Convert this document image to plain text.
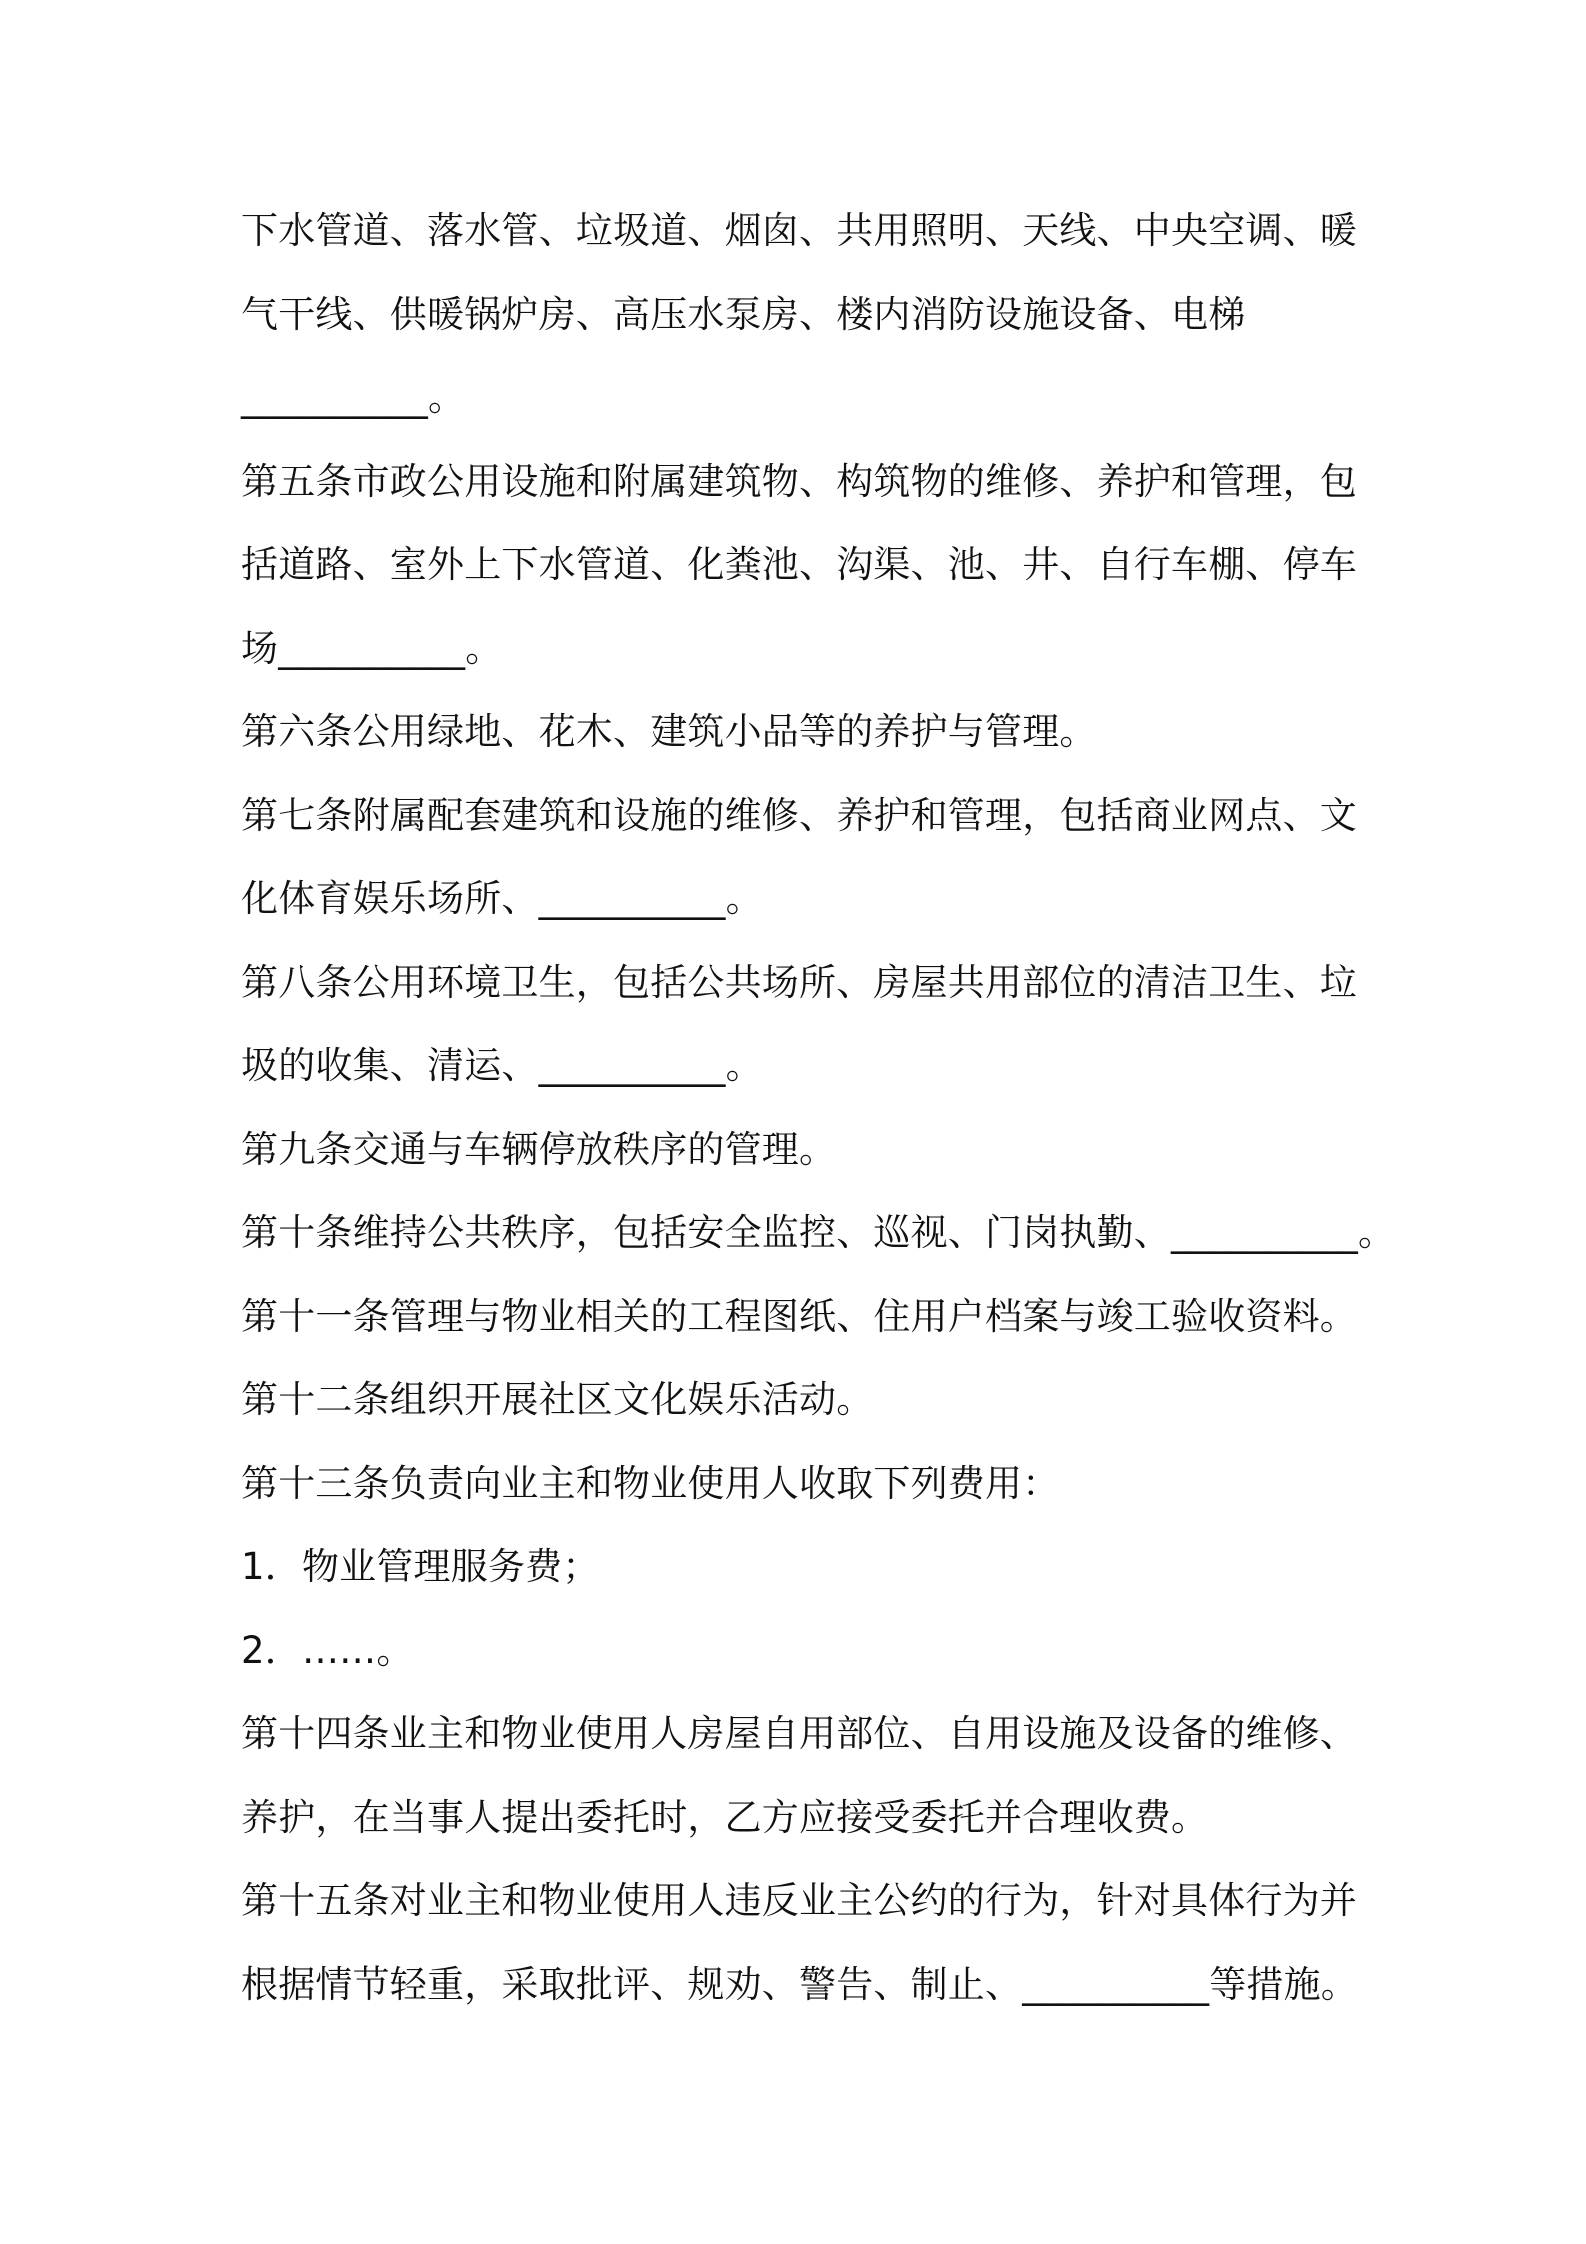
下水管道、落水管、垃圾道、烟囱、共用照明、天线、中央空调、暖
气干线、供暖锅炉房、高压水泵房、楼内消防设施设备、电梯
__________。
第五条市政公用设施和附属建筑物、构筑物的维修、养护和管理，包
括道路、室外上下水管道、化粪池、沟渠、池、井、自行车棚、停车
场__________。
第六条公用绿地、花木、建筑小品等的养护与管理。
第七条附属配套建筑和设施的维修、养护和管理，包括商业网点、文
化体育娱乐场所、__________。
第八条公用环境卫生，包括公共场所、房屋共用部位的清洁卫生、垃
圾的收集、清运、__________。
第九条交通与车辆停放秩序的管理。
第十条维持公共秩序，包括安全监控、巡视、门岗执勤、__________。
第十一条管理与物业相关的工程图纸、住用户档案与竣工验收资料。
第十二条组织开展社区文化娱乐活动。
第十三条负责向业主和物业使用人收取下列费用：
1．物业管理服务费；
2．……。
第十四条业主和物业使用人房屋自用部位、自用设施及设备的维修、
养护，在当事人提出委托时，乙方应接受委托并合理收费。
第十五条对业主和物业使用人违反业主公约的行为，针对具体行为并
根据情节轻重，采取批评、规劝、警告、制止、__________等措施。
